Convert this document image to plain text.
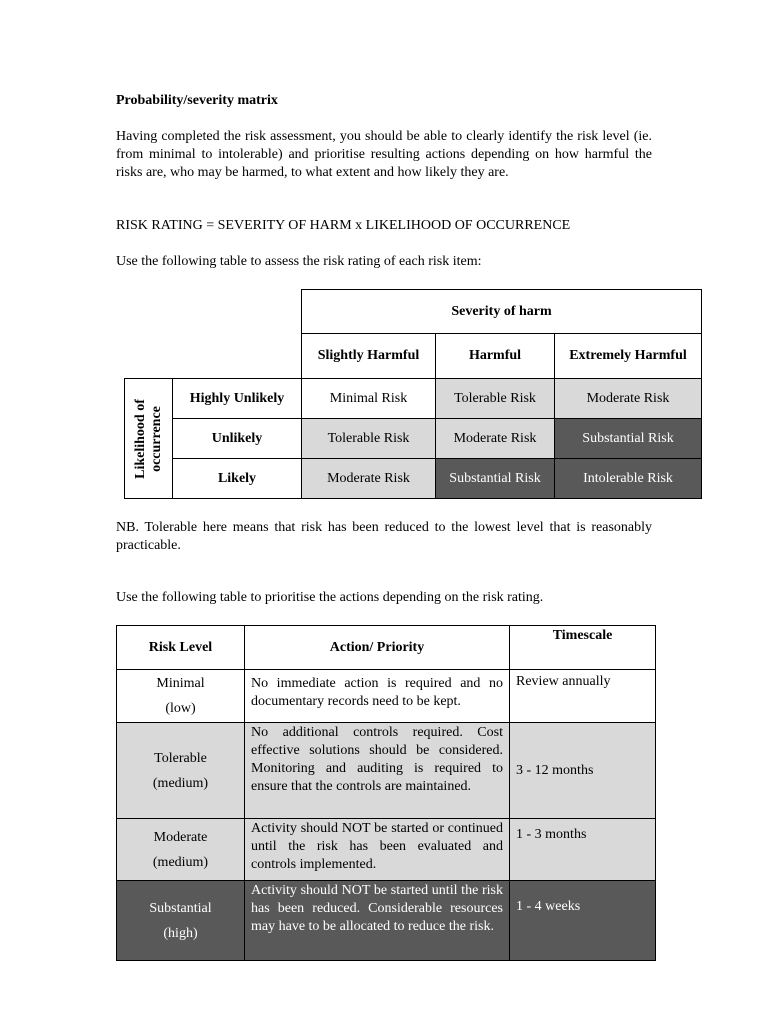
Probability/severity matrix
Having completed the risk assessment, you should be able to clearly identify the risk level (ie. from minimal to intolerable) and prioritise resulting actions depending on how harmful the risks are, who may be harmed, to what extent and how likely they are.
RISK RATING = SEVERITY OF HARM x LIKELIHOOD OF OCCURRENCE
Use the following table to assess the risk rating of each risk item:
Severity of harm
Slightly Harmful	Harmful	Extremely Harmful
Likelihood of occurrence
Highly Unlikely	Minimal Risk	Tolerable Risk	Moderate Risk
Unlikely	Tolerable Risk	Moderate Risk	Substantial Risk
Likely	Moderate Risk	Substantial Risk	Intolerable Risk
NB. Tolerable here means that risk has been reduced to the lowest level that is reasonably practicable.
Use the following table to prioritise the actions depending on the risk rating.
Risk Level	Action/ Priority	Timescale

Minimal
(low)	No immediate action is required and no documentary records need to be kept.	Review annually

Tolerable
(medium)	No additional controls required. Cost effective solutions should be considered. Monitoring and auditing is required to ensure that the controls are maintained.	3 - 12 months

Moderate
(medium)	Activity should NOT be started or continued until the risk has been evaluated and controls implemented.	1 - 3 months

Substantial
(high)	Activity should NOT be started until the risk has been reduced. Considerable resources may have to be allocated to reduce the risk.	1 - 4 weeks
